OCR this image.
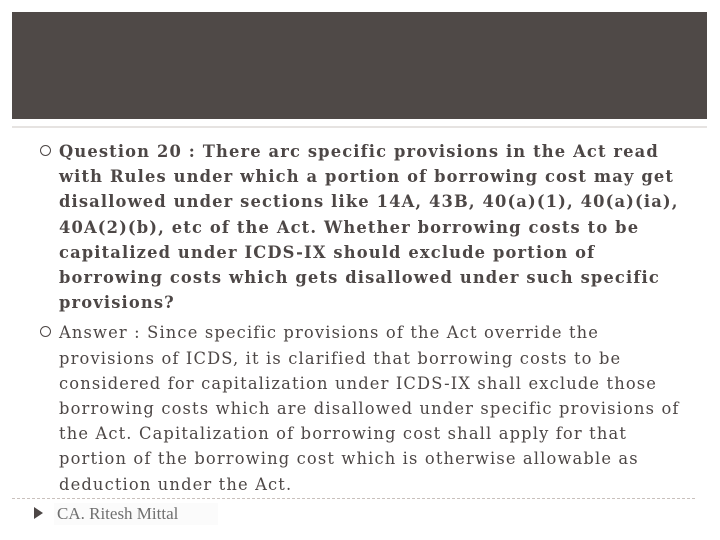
Question 20 : There arc specific provisions in the Act read with Rules under which a portion of borrowing cost may get disallowed under sections like 14A, 43B, 40(a)(1), 40(a)(ia), 40A(2)(b), etc of the Act. Whether borrowing costs to be capitalized under ICDS-IX should exclude portion of borrowing costs which gets disallowed under such specific provisions?
Answer : Since specific provisions of the Act override the provisions of ICDS, it is clarified that borrowing costs to be considered for capitalization under ICDS-IX shall exclude those borrowing costs which are disallowed under specific provisions of the Act. Capitalization of borrowing cost shall apply for that portion of the borrowing cost which is otherwise allowable as deduction under the Act.
CA. Ritesh Mittal
